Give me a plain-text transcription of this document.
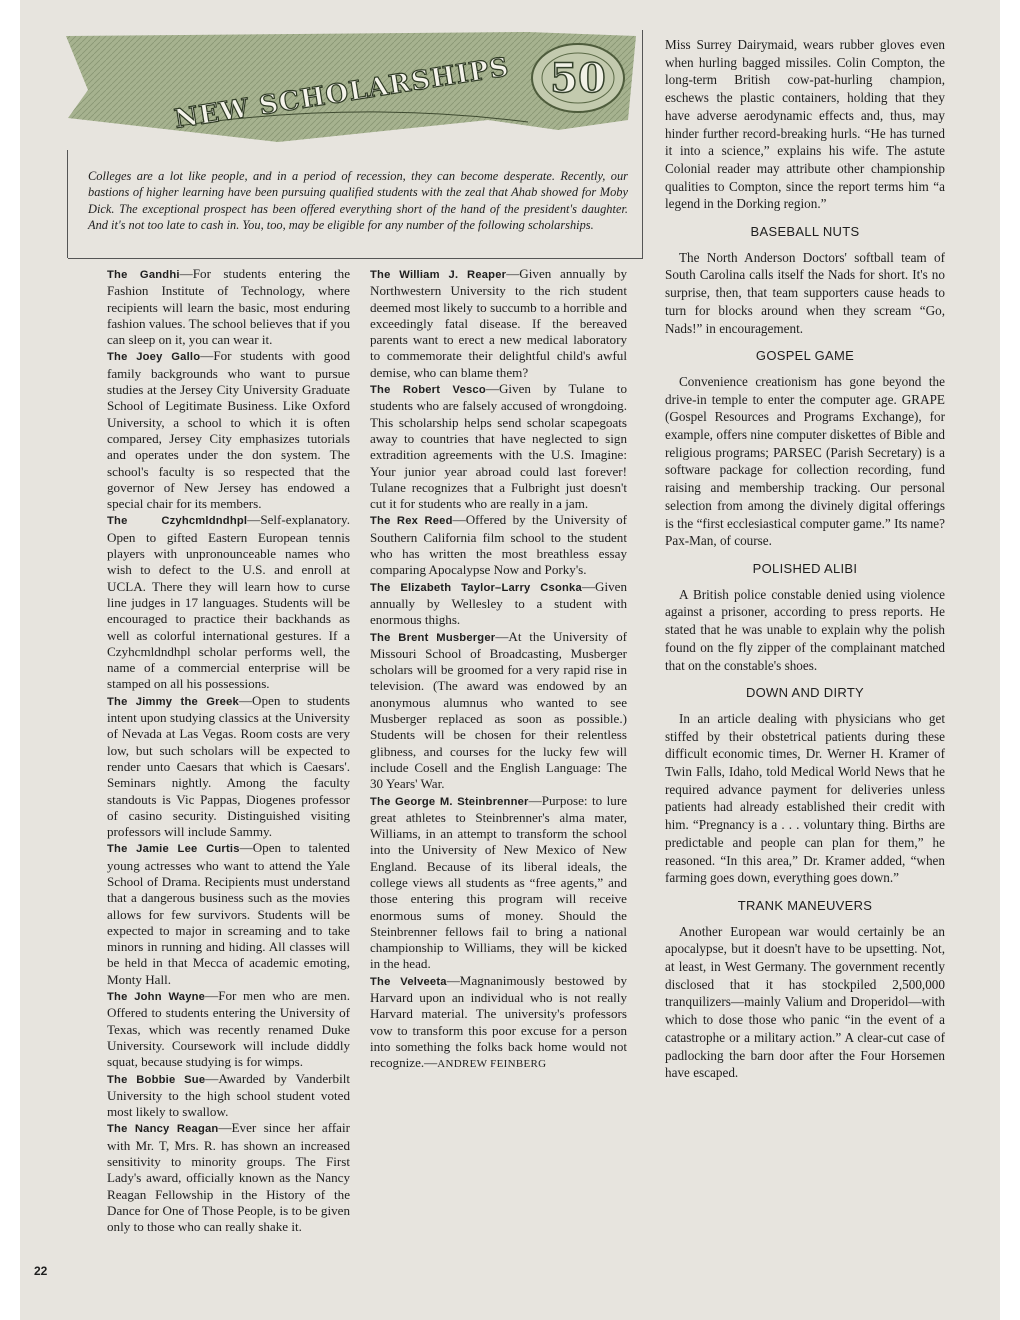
50
NEW SCHOLARSHIPS
Colleges are a lot like people, and in a period of recession, they can become desperate. Recently, our bastions of higher learning have been pursuing qualified students with the zeal that Ahab showed for Moby Dick. The exceptional prospect has been offered everything short of the hand of the president's daughter. And it's not too late to cash in. You, too, may be eligible for any number of the following scholarships.

The Gandhi—For students entering the Fashion Institute of Technology, where recipients will learn the basic, most enduring fashion values. The school believes that if you can sleep on it, you can wear it.

The Joey Gallo—For students with good family backgrounds who want to pursue studies at the Jersey City University Graduate School of Legitimate Business. Like Oxford University, a school to which it is often compared, Jersey City emphasizes tutorials and operates under the don system. The school's faculty is so respected that the governor of New Jersey has endowed a special chair for its members.

The Czyhcmldndhpl—Self-explanatory. Open to gifted Eastern European tennis players with unpronounceable names who wish to defect to the U.S. and enroll at UCLA. There they will learn how to curse line judges in 17 languages. Students will be encouraged to practice their backhands as well as colorful international gestures. If a Czyhcmldndhpl scholar performs well, the name of a commercial enterprise will be stamped on all his possessions.

The Jimmy the Greek—Open to students intent upon studying classics at the University of Nevada at Las Vegas. Room costs are very low, but such scholars will be expected to render unto Caesars that which is Caesars'. Seminars nightly. Among the faculty standouts is Vic Pappas, Diogenes professor of casino security. Distinguished visiting professors will include Sammy.

The Jamie Lee Curtis—Open to talented young actresses who want to attend the Yale School of Drama. Recipients must understand that a dangerous business such as the movies allows for few survivors. Students will be expected to major in screaming and to take minors in running and hiding. All classes will be held in that Mecca of academic emoting, Monty Hall.

The John Wayne—For men who are men. Offered to students entering the University of Texas, which was recently renamed Duke University. Coursework will include diddly squat, because studying is for wimps.

The Bobbie Sue—Awarded by Vanderbilt University to the high school student voted most likely to swallow.

The Nancy Reagan—Ever since her affair with Mr. T, Mrs. R. has shown an increased sensitivity to minority groups. The First Lady's award, officially known as the Nancy Reagan Fellowship in the History of the Dance for One of Those People, is to be given only to those who can really shake it.

The William J. Reaper—Given annually by Northwestern University to the rich student deemed most likely to succumb to a horrible and exceedingly fatal disease. If the bereaved parents want to erect a new medical laboratory to commemorate their delightful child's awful demise, who can blame them?

The Robert Vesco—Given by Tulane to students who are falsely accused of wrongdoing. This scholarship helps send scholar scapegoats away to countries that have neglected to sign extradition agreements with the U.S. Imagine: Your junior year abroad could last forever! Tulane recognizes that a Fulbright just doesn't cut it for students who are really in a jam.

The Rex Reed—Offered by the University of Southern California film school to the student who has written the most breathless essay comparing Apocalypse Now and Porky's.

The Elizabeth Taylor–Larry Csonka—Given annually by Wellesley to a student with enormous thighs.

The Brent Musberger—At the University of Missouri School of Broadcasting, Musberger scholars will be groomed for a very rapid rise in television. (The award was endowed by an anonymous alumnus who wanted to see Musberger replaced as soon as possible.) Students will be chosen for their relentless glibness, and courses for the lucky few will include Cosell and the English Language: The 30 Years' War.

The George M. Steinbrenner—Purpose: to lure great athletes to Steinbrenner's alma mater, Williams, in an attempt to transform the school into the University of New Mexico of New England. Because of its liberal ideals, the college views all students as “free agents,” and those entering this program will receive enormous sums of money. Should the Steinbrenner fellows fail to bring a national championship to Williams, they will be kicked in the head.

The Velveeta—Magnanimously bestowed by Harvard upon an individual who is not really Harvard material. The university's professors vow to transform this poor excuse for a person into something the folks back home would not recognize.—ANDREW FEINBERG

Miss Surrey Dairymaid, wears rubber gloves even when hurling bagged missiles. Colin Compton, the long-term British cow-pat-hurling champion, eschews the plastic containers, holding that they have adverse aerodynamic effects and, thus, may hinder further record-breaking hurls. “He has turned it into a science,” explains his wife. The astute Colonial reader may attribute other championship qualities to Compton, since the report terms him “a legend in the Dorking region.”

BASEBALL NUTS

The North Anderson Doctors' softball team of South Carolina calls itself the Nads for short. It's no surprise, then, that team supporters cause heads to turn for blocks around when they scream “Go, Nads!” in encouragement.

GOSPEL GAME

Convenience creationism has gone beyond the drive-in temple to enter the computer age. GRAPE (Gospel Resources and Programs Exchange), for example, offers nine computer diskettes of Bible and religious programs; PARSEC (Parish Secretary) is a software package for collection recording, fund raising and membership tracking. Our personal selection from among the divinely digital offerings is the “first ecclesiastical computer game.” Its name? Pax-Man, of course.

POLISHED ALIBI

A British police constable denied using violence against a prisoner, according to press reports. He stated that he was unable to explain why the polish found on the fly zipper of the complainant matched that on the constable's shoes.

DOWN AND DIRTY

In an article dealing with physicians who get stiffed by their obstetrical patients during these difficult economic times, Dr. Werner H. Kramer of Twin Falls, Idaho, told Medical World News that he required advance payment for deliveries unless patients had already established their credit with him. “Pregnancy is a . . . voluntary thing. Births are predictable and people can plan for them,” he reasoned. “In this area,” Dr. Kramer added, “when farming goes down, everything goes down.”

TRANK MANEUVERS

Another European war would certainly be an apocalypse, but it doesn't have to be upsetting. Not, at least, in West Germany. The government recently disclosed that it has stockpiled 2,500,000 tranquilizers—mainly Valium and Droperidol—with which to dose those who panic “in the event of a catastrophe or a military action.” A clear-cut case of padlocking the barn door after the Four Horsemen have escaped.

22
